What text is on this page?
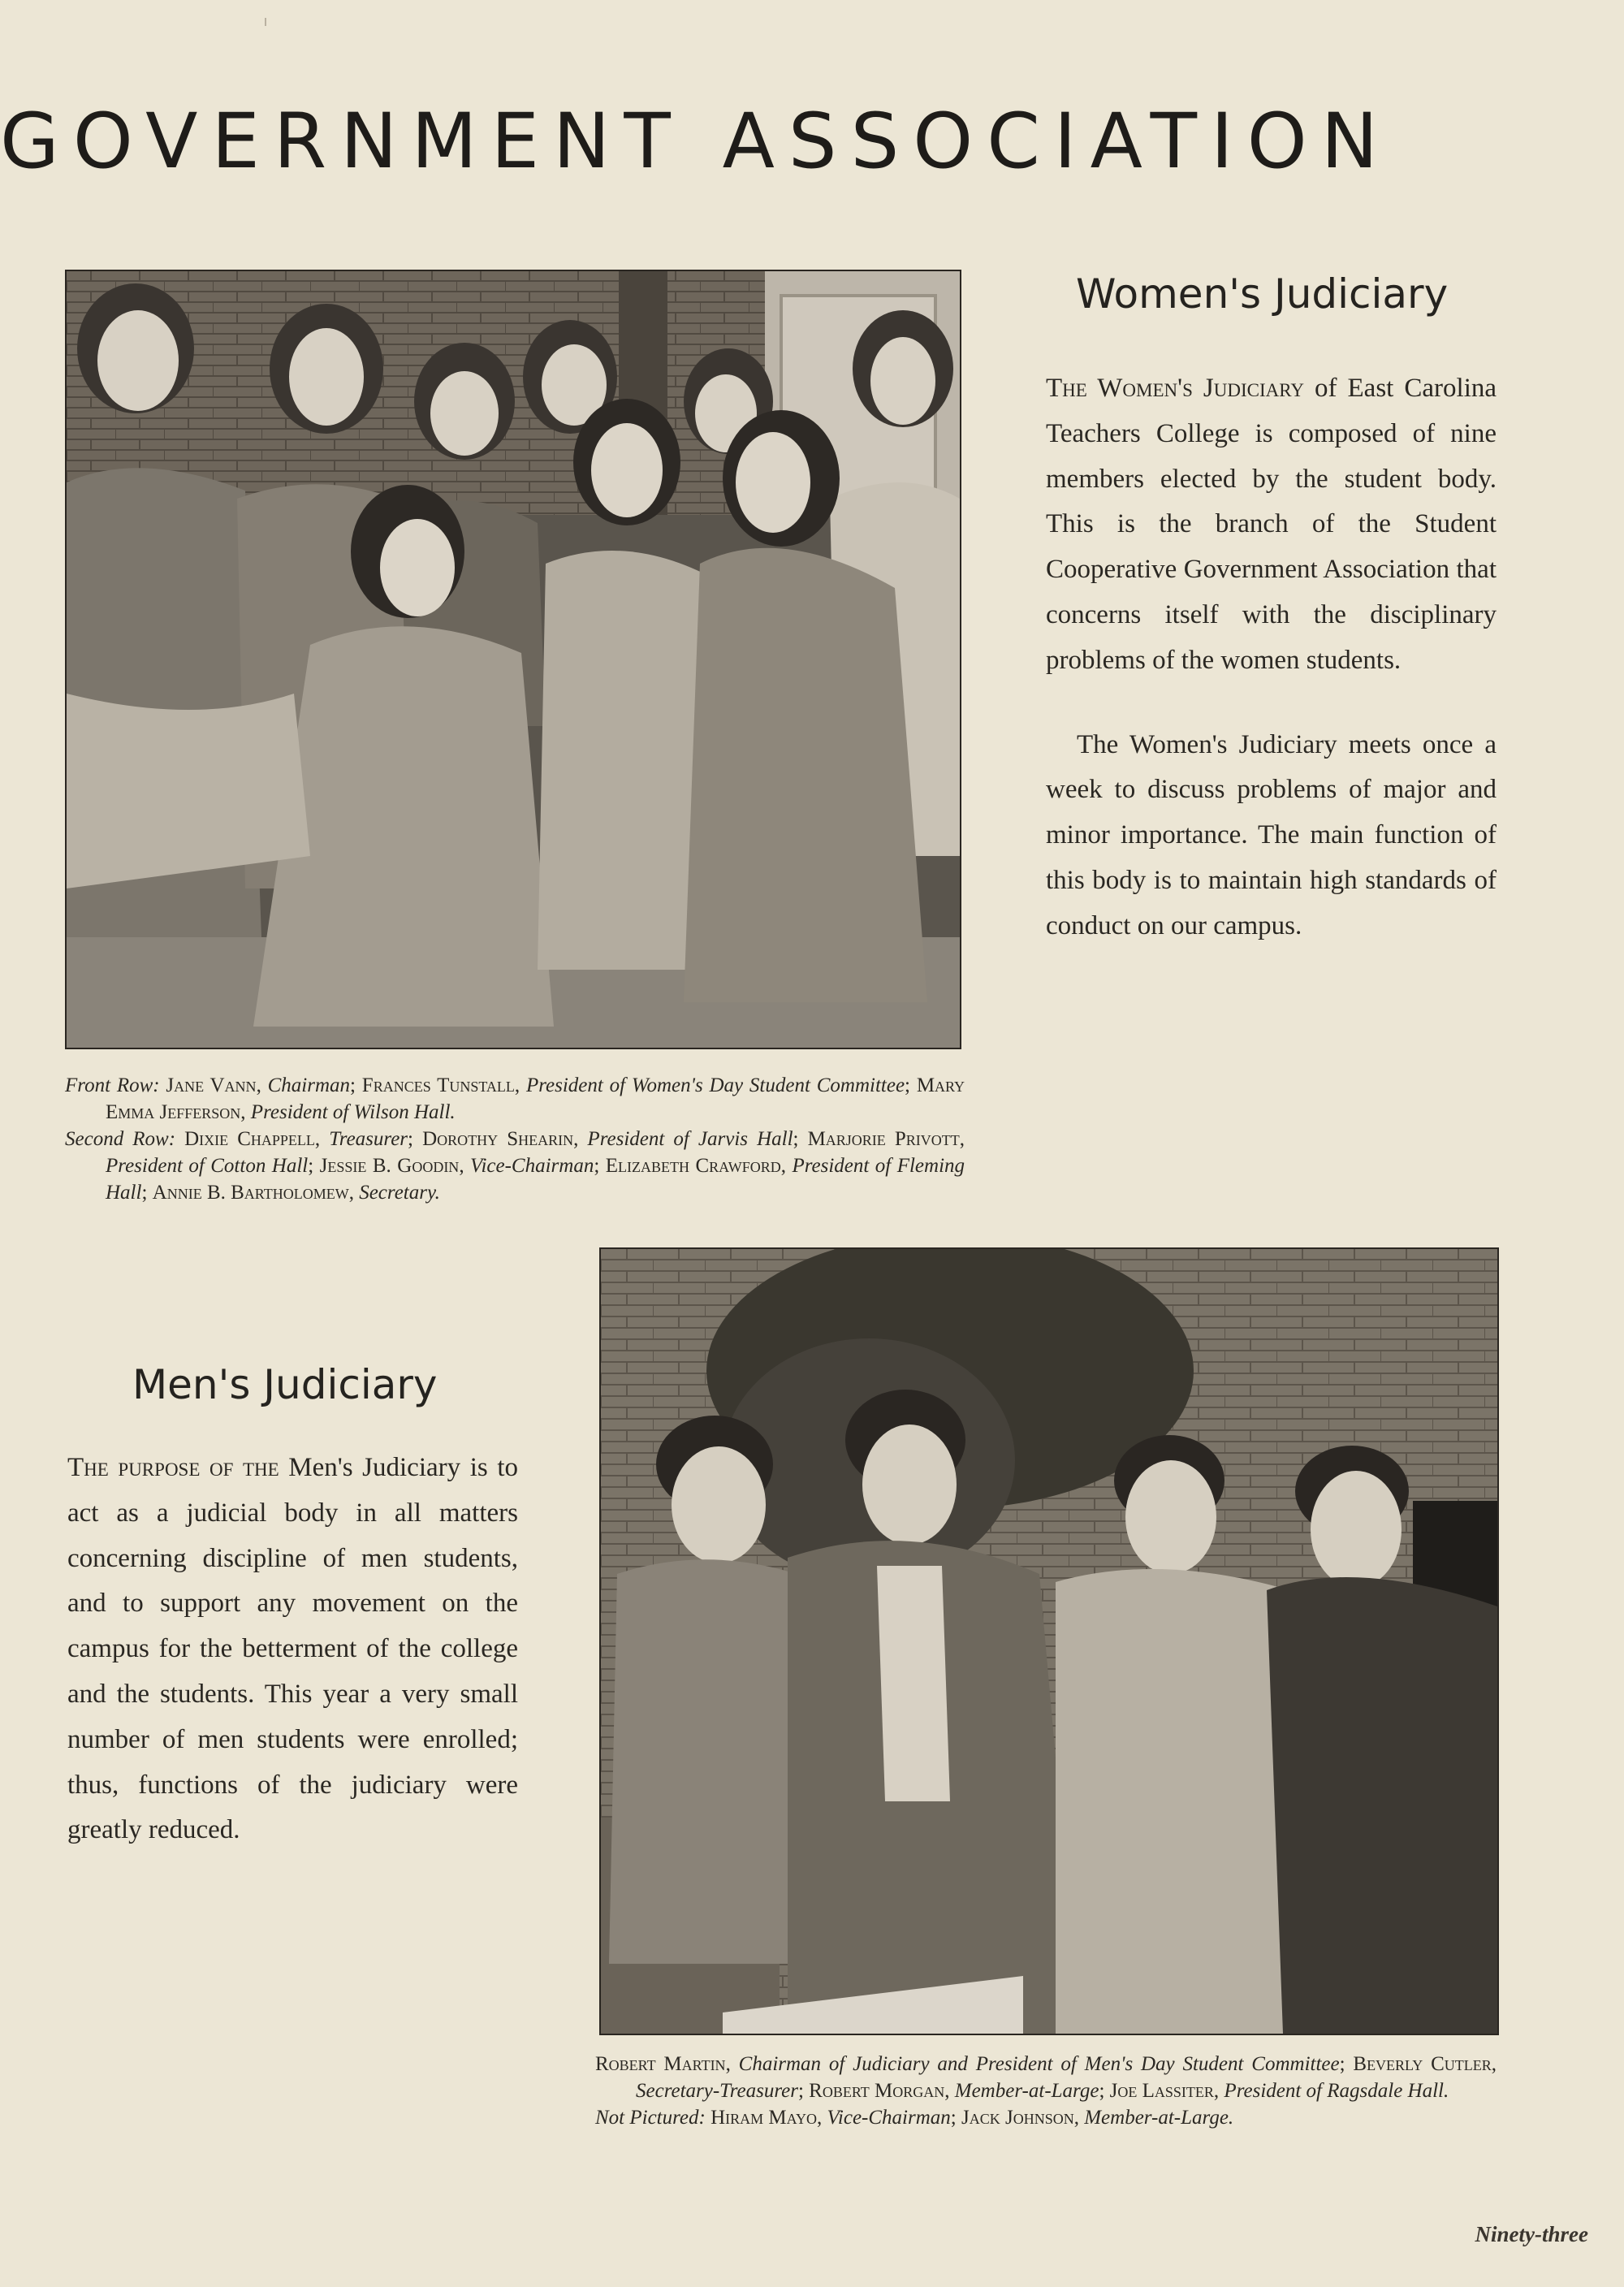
GOVERNMENT ASSOCIATION
Women's Judiciary

The Women's Judiciary of East Carolina Teachers College is composed of nine members elected by the student body. This is the branch of the Student Cooperative Government Association that concerns itself with the disciplinary problems of the women students.

The Women's Judiciary meets once a week to discuss problems of major and minor importance. The main function of this body is to maintain high standards of conduct on our campus.

Front Row: Jane Vann, Chairman; Frances Tunstall, President of Women's Day Student Committee; Mary Emma Jefferson, President of Wilson Hall.

Second Row: Dixie Chappell, Treasurer; Dorothy Shearin, President of Jarvis Hall; Marjorie Privott, President of Cotton Hall; Jessie B. Goodin, Vice-Chairman; Elizabeth Crawford, President of Fleming Hall; Annie B. Bartholomew, Secretary.

Men's Judiciary

The purpose of the Men's Judiciary is to act as a judicial body in all matters concerning discipline of men students, and to support any movement on the campus for the betterment of the college and the students. This year a very small number of men students were enrolled; thus, functions of the judiciary were greatly reduced.

Robert Martin, Chairman of Judiciary and President of Men's Day Student Committee; Beverly Cutler, Secretary-Treasurer; Robert Morgan, Member-at-Large; Joe Lassiter, President of Ragsdale Hall.

Not Pictured: Hiram Mayo, Vice-Chairman; Jack Johnson, Member-at-Large.

Ninety-three
